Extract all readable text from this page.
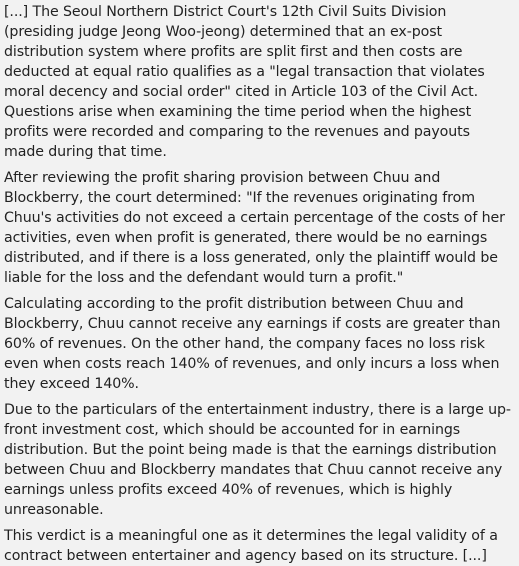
[...] The Seoul Northern District Court's 12th Civil Suits Division (presiding judge Jeong Woo-jeong) determined that an ex-post distribution system where profits are split first and then costs are deducted at equal ratio qualifies as a "legal transaction that violates moral decency and social order" cited in Article 103 of the Civil Act. Questions arise when examining the time period when the highest profits were recorded and comparing to the revenues and payouts made during that time.

After reviewing the profit sharing provision between Chuu and Blockberry, the court determined: "If the revenues originating from Chuu's activities do not exceed a certain percentage of the costs of her activities, even when profit is generated, there would be no earnings distributed, and if there is a loss generated, only the plaintiff would be liable for the loss and the defendant would turn a profit."

Calculating according to the profit distribution between Chuu and Blockberry, Chuu cannot receive any earnings if costs are greater than 60% of revenues. On the other hand, the company faces no loss risk even when costs reach 140% of revenues, and only incurs a loss when they exceed 140%.

Due to the particulars of the entertainment industry, there is a large up-front investment cost, which should be accounted for in earnings distribution. But the point being made is that the earnings distribution between Chuu and Blockberry mandates that Chuu cannot receive any earnings unless profits exceed 40% of revenues, which is highly unreasonable.

This verdict is a meaningful one as it determines the legal validity of a contract between entertainer and agency based on its structure. [...]
